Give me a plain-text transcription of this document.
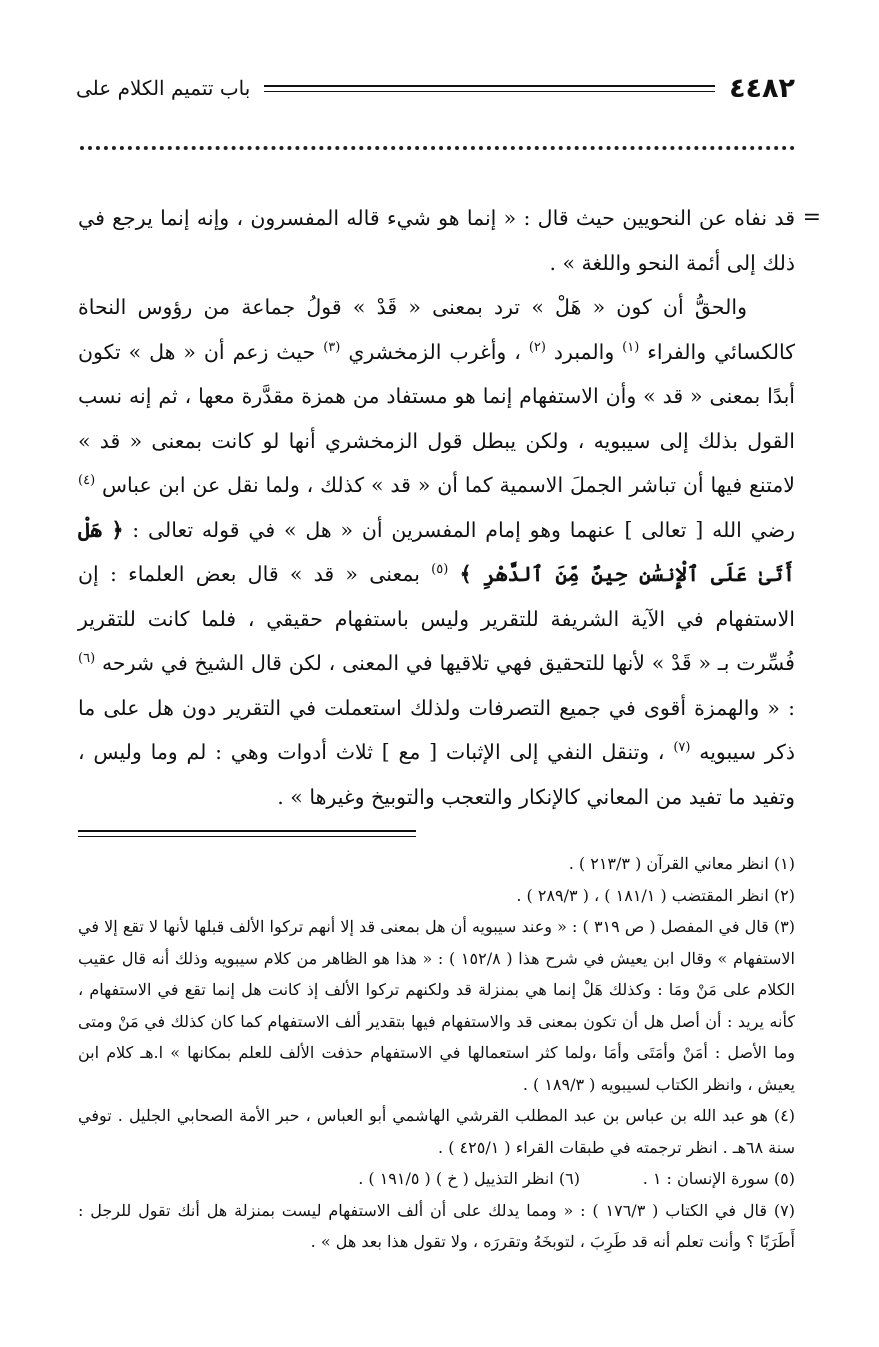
٤٤٨٢
باب تتميم الكلام على

=
قد نفاه عن النحويين حيث قال : « إنما هو شيء قاله المفسرون ، وإنه إنما يرجع في ذلك إلى أئمة النحو واللغة » .

والحقُّ أن كون « هَلْ » ترد بمعنى « قَدْ » قولُ جماعة من رؤوس النحاة كالكسائي والفراء $^{(١)}$ والمبرد $^{(٢)}$ ، وأغرب الزمخشري $^{(٣)}$ حيث زعم أن « هل » تكون أبدًا بمعنى « قد » وأن الاستفهام إنما هو مستفاد من همزة مقدَّرة معها ، ثم إنه نسب القول بذلك إلى سيبويه ، ولكن يبطل قول الزمخشري أنها لو كانت بمعنى « قد » لامتنع فيها أن تباشر الجملَ الاسمية كما أن « قد » كذلك ، ولما نقل عن ابن عباس $^{(٤)}$ رضي الله [ تعالى ] عنهما وهو إمام المفسرين أن « هل » في قوله تعالى : ﴿ هَلْ أَتَىٰ عَلَى ٱلْإِنسَٰنِ حِينٌ مِّنَ ٱلدَّهْرِ ﴾ $^{(٥)}$ بمعنى « قد » قال بعض العلماء : إن الاستفهام في الآية الشريفة للتقرير وليس باستفهام حقيقي ، فلما كانت للتقرير فُسِّرت بـ « قَدْ » لأنها للتحقيق فهي تلاقيها في المعنى ، لكن قال الشيخ في شرحه $^{(٦)}$ : « والهمزة أقوى في جميع التصرفات ولذلك استعملت في التقرير دون هل على ما ذكر سيبويه $^{(٧)}$ ، وتنقل النفي إلى الإثبات [ مع ] ثلاث أدوات وهي : لم وما وليس ، وتفيد ما تفيد من المعاني كالإنكار والتعجب والتوبيخ وغيرها » .

(١) انظر معاني القرآن ( ٢١٣/٣ ) .

(٢) انظر المقتضب ( ١٨١/١ ) ، ( ٢٨٩/٣ ) .

(٣) قال في المفصل ( ص ٣١٩ ) : « وعند سيبويه أن هل بمعنى قد إلا أنهم تركوا الألف قبلها لأنها لا تقع إلا في الاستفهام » وقال ابن يعيش في شرح هذا ( ١٥٢/٨ ) : « هذا هو الظاهر من كلام سيبويه وذلك أنه قال عقيب الكلام على مَنْ ومَا : وكذلك هَلْ إنما هي بمنزلة قد ولكنهم تركوا الألف إذ كانت هل إنما تقع في الاستفهام ، كأنه يريد : أن أصل هل أن تكون بمعنى قد والاستفهام فيها بتقدير ألف الاستفهام كما كان كذلك في مَنْ ومتى وما الأصل : أمَنْ وأمَتَى وأمَا ،ولما كثر استعمالها في الاستفهام حذفت الألف للعلم بمكانها » ا.هـ كلام ابن يعيش ، وانظر الكتاب لسيبويه ( ١٨٩/٣ ) .

(٤) هو عبد الله بن عباس بن عبد المطلب القرشي الهاشمي أبو العباس ، حبر الأمة الصحابي الجليل . توفي سنة ٦٨هـ . انظر ترجمته في طبقات القراء ( ٤٢٥/١ ) .

(٥) سورة الإنسان : ١ .
(٦) انظر التذييل ( خ ) ( ١٩١/٥ ) .

(٧) قال في الكتاب ( ١٧٦/٣ ) : « ومما يدلك على أن ألف الاستفهام ليست بمنزلة هل أنك تقول للرجل : أَطَرَبًا ؟ وأنت تعلم أنه قد طَرِبَ ، لتوبخَهُ وتقررَه ، ولا تقول هذا بعد هل » .
